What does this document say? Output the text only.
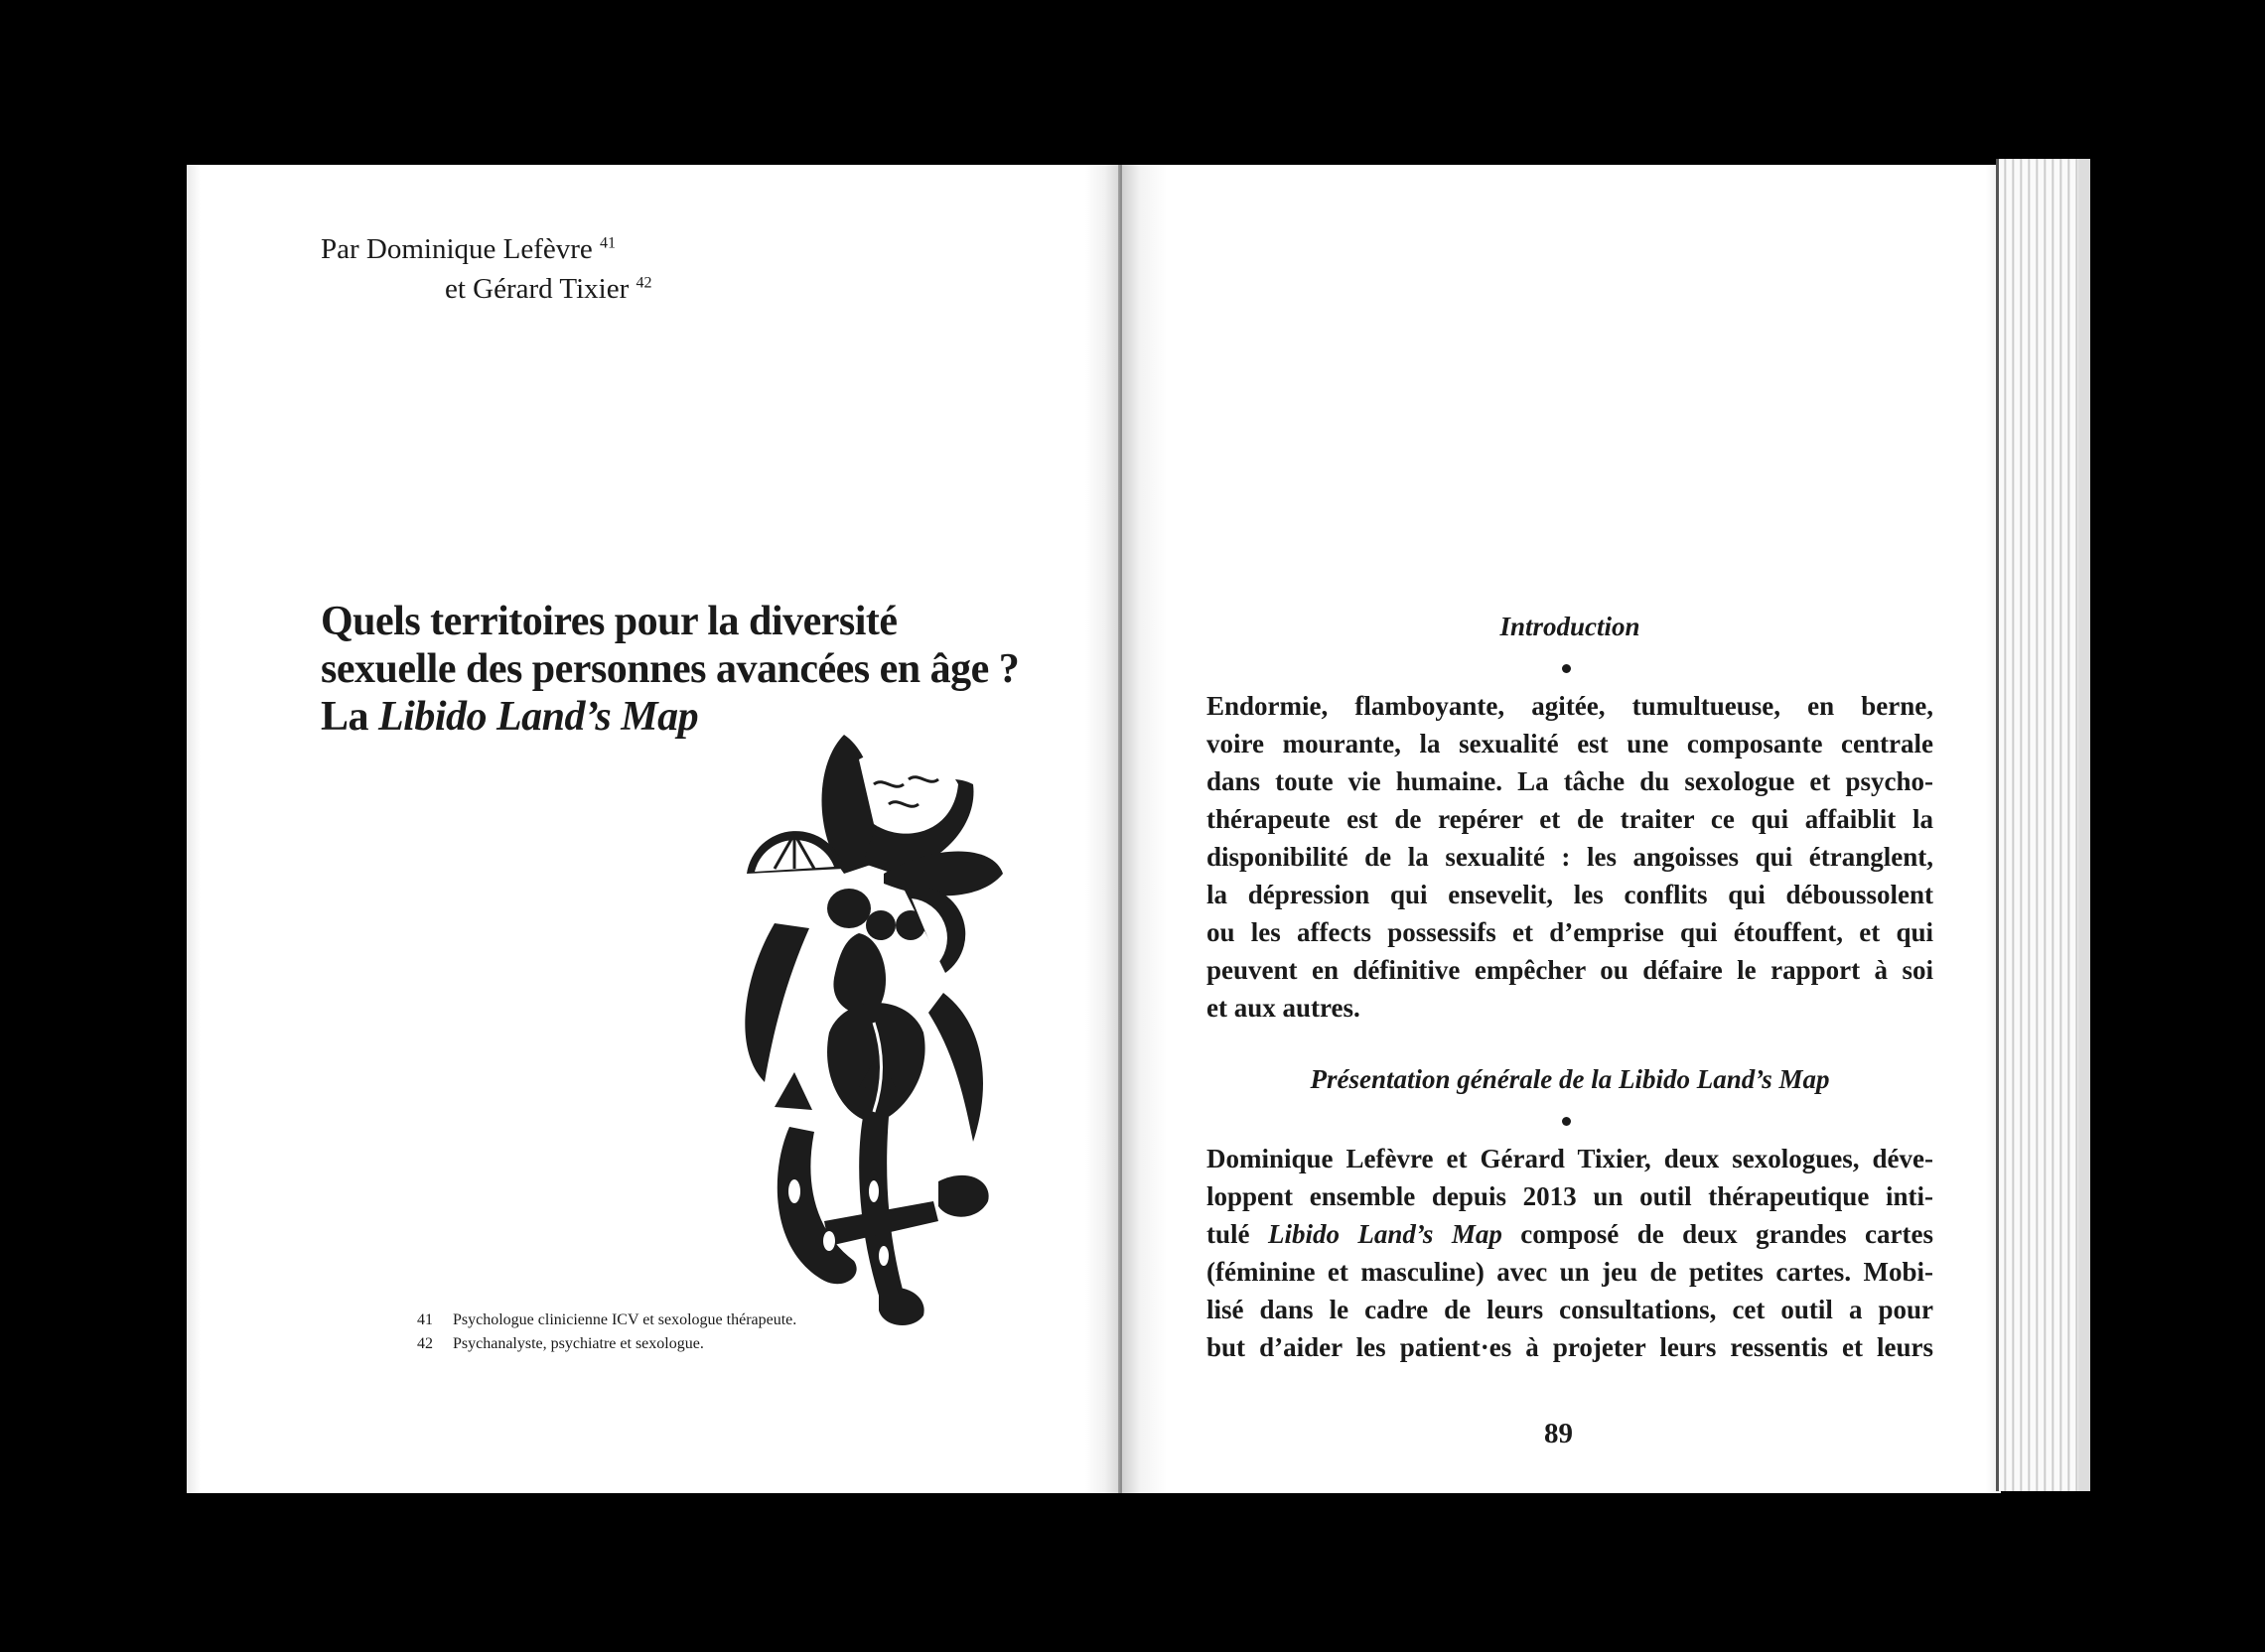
Par Dominique Lefèvre $^{41}$
et Gérard Tixier $^{42}$
Quels territoires pour la diversité
sexuelle des personnes avancées en âge ?
La Libido Land’s Map
41	Psychologue clinicienne ICV et sexologue thérapeute.
42	Psychanalyste, psychiatre et sexologue.
Introduction
Endormie, flamboyante, agitée, tumultueuse, en berne,
voire mourante, la sexualité est une composante centrale
dans toute vie humaine. La tâche du sexologue et psycho-
thérapeute est de repérer et de traiter ce qui affaiblit la
disponibilité de la sexualité : les angoisses qui étranglent,
la dépression qui ensevelit, les conflits qui déboussolent
ou les affects possessifs et d’emprise qui étouffent, et qui
peuvent en définitive empêcher ou défaire le rapport à soi
et aux autres.
Présentation générale de la Libido Land’s Map
Dominique Lefèvre et Gérard Tixier, deux sexologues, déve-
loppent ensemble depuis 2013 un outil thérapeutique inti-
tulé Libido Land’s Map composé de deux grandes cartes
(féminine et masculine) avec un jeu de petites cartes. Mobi-
lisé dans le cadre de leurs consultations, cet outil a pour
but d’aider les patient·es à projeter leurs ressentis et leurs
89
